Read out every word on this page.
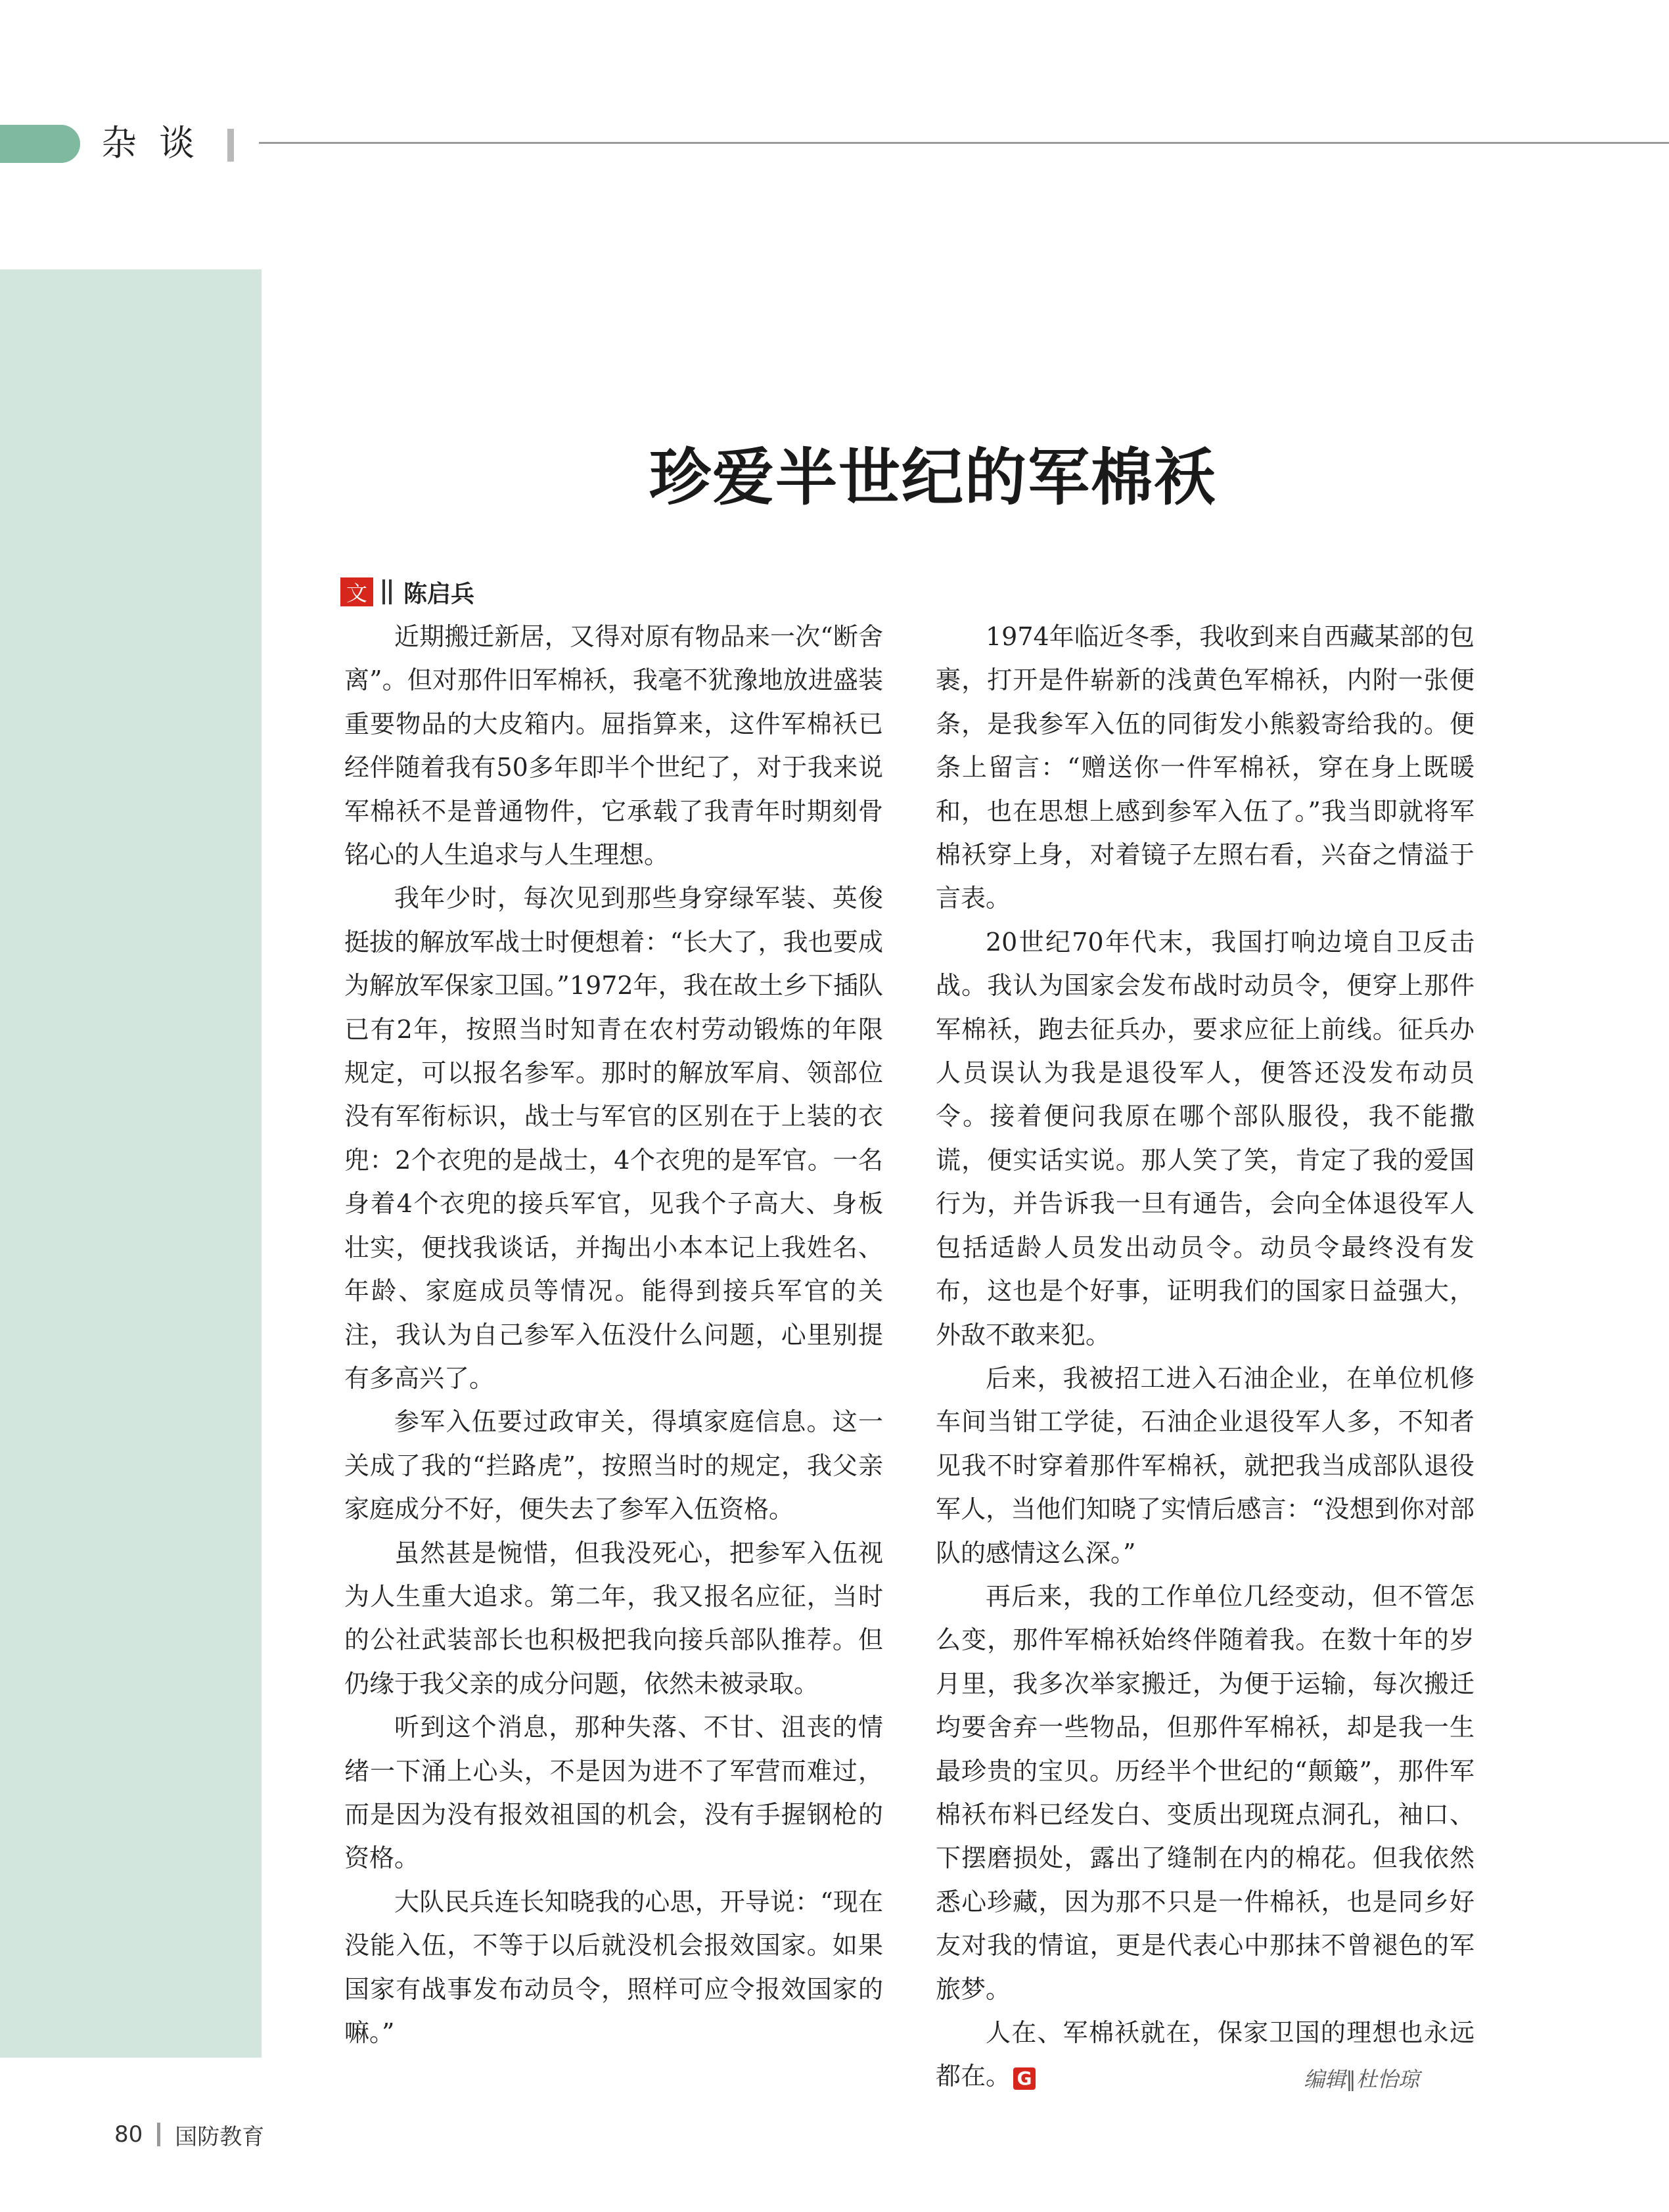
杂谈
珍爱半世纪的军棉袄
文 陈启兵

近期搬迁新居，又得对原有物品来一次“断舍离”。但对那件旧军棉袄，我毫不犹豫地放进盛装重要物品的大皮箱内。屈指算来，这件军棉袄已经伴随着我有50多年即半个世纪了，对于我来说军棉袄不是普通物件，它承载了我青年时期刻骨铭心的人生追求与人生理想。

我年少时，每次见到那些身穿绿军装、英俊挺拔的解放军战士时便想着：“长大了，我也要成为解放军保家卫国。”1972年，我在故土乡下插队已有2年，按照当时知青在农村劳动锻炼的年限规定，可以报名参军。那时的解放军肩、领部位没有军衔标识，战士与军官的区别在于上装的衣兜：2个衣兜的是战士，4个衣兜的是军官。一名身着4个衣兜的接兵军官，见我个子高大、身板壮实，便找我谈话，并掏出小本本记上我姓名、年龄、家庭成员等情况。能得到接兵军官的关注，我认为自己参军入伍没什么问题，心里别提有多高兴了。

参军入伍要过政审关，得填家庭信息。这一关成了我的“拦路虎”，按照当时的规定，我父亲家庭成分不好，便失去了参军入伍资格。

虽然甚是惋惜，但我没死心，把参军入伍视为人生重大追求。第二年，我又报名应征，当时的公社武装部长也积极把我向接兵部队推荐。但仍缘于我父亲的成分问题，依然未被录取。

听到这个消息，那种失落、不甘、沮丧的情绪一下涌上心头，不是因为进不了军营而难过，而是因为没有报效祖国的机会，没有手握钢枪的资格。

大队民兵连长知晓我的心思，开导说：“现在没能入伍，不等于以后就没机会报效国家。如果国家有战事发布动员令，照样可应令报效国家的嘛。”

1974年临近冬季，我收到来自西藏某部的包裹，打开是件崭新的浅黄色军棉袄，内附一张便条，是我参军入伍的同街发小熊毅寄给我的。便条上留言：“赠送你一件军棉袄，穿在身上既暖和，也在思想上感到参军入伍了。”我当即就将军棉袄穿上身，对着镜子左照右看，兴奋之情溢于言表。

20世纪70年代末，我国打响边境自卫反击战。我认为国家会发布战时动员令，便穿上那件军棉袄，跑去征兵办，要求应征上前线。征兵办人员误认为我是退役军人，便答还没发布动员令。接着便问我原在哪个部队服役，我不能撒谎，便实话实说。那人笑了笑，肯定了我的爱国行为，并告诉我一旦有通告，会向全体退役军人包括适龄人员发出动员令。动员令最终没有发布，这也是个好事，证明我们的国家日益强大，外敌不敢来犯。

后来，我被招工进入石油企业，在单位机修车间当钳工学徒，石油企业退役军人多，不知者见我不时穿着那件军棉袄，就把我当成部队退役军人，当他们知晓了实情后感言：“没想到你对部队的感情这么深。”

再后来，我的工作单位几经变动，但不管怎么变，那件军棉袄始终伴随着我。在数十年的岁月里，我多次举家搬迁，为便于运输，每次搬迁均要舍弃一些物品，但那件军棉袄，却是我一生最珍贵的宝贝。历经半个世纪的“颠簸”，那件军棉袄布料已经发白、变质出现斑点洞孔，袖口、下摆磨损处，露出了缝制在内的棉花。但我依然悉心珍藏，因为那不只是一件棉袄，也是同乡好友对我的情谊，更是代表心中那抹不曾褪色的军旅梦。

人在、军棉袄就在，保家卫国的理想也永远都在。 G	编辑∥杜怡琼
80 国防教育
